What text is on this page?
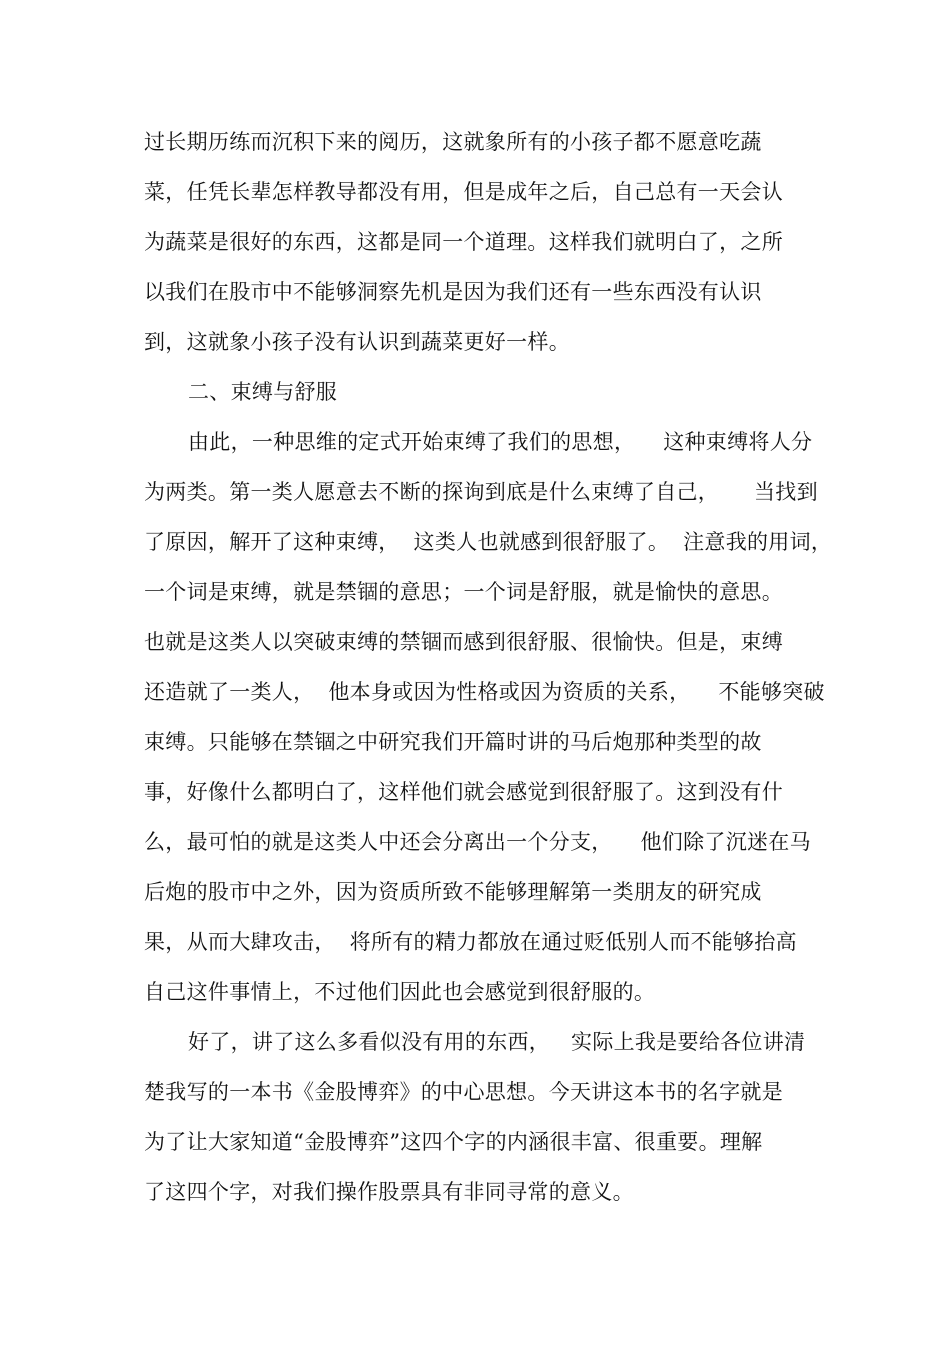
过长期历练而沉积下来的阅历，这就象所有的小孩子都不愿意吃蔬
菜，任凭长辈怎样教导都没有用，但是成年之后，自己总有一天会认
为蔬菜是很好的东西，这都是同一个道理。这样我们就明白了，之所
以我们在股市中不能够洞察先机是因为我们还有一些东西没有认识
到，这就象小孩子没有认识到蔬菜更好一样。
二、束缚与舒服
由此，一种思维的定式开始束缚了我们的思想，    这种束缚将人分
为两类。第一类人愿意去不断的探询到底是什么束缚了自己，     当找到
了原因，解开了这种束缚，  这类人也就感到很舒服了。  注意我的用词，
一个词是束缚，就是禁锢的意思；一个词是舒服，就是愉快的意思。
也就是这类人以突破束缚的禁锢而感到很舒服、很愉快。但是，束缚
还造就了一类人，  他本身或因为性格或因为资质的关系，    不能够突破
束缚。只能够在禁锢之中研究我们开篇时讲的马后炮那种类型的故
事，好像什么都明白了，这样他们就会感觉到很舒服了。这到没有什
么，最可怕的就是这类人中还会分离出一个分支，    他们除了沉迷在马
后炮的股市中之外，因为资质所致不能够理解第一类朋友的研究成
果，从而大肆攻击，  将所有的精力都放在通过贬低别人而不能够抬高
自己这件事情上，不过他们因此也会感觉到很舒服的。
好了，讲了这么多看似没有用的东西，   实际上我是要给各位讲清
楚我写的一本书《金股博弈》的中心思想。今天讲这本书的名字就是
为了让大家知道“金股博弈”这四个字的内涵很丰富、很重要。理解
了这四个字，对我们操作股票具有非同寻常的意义。
